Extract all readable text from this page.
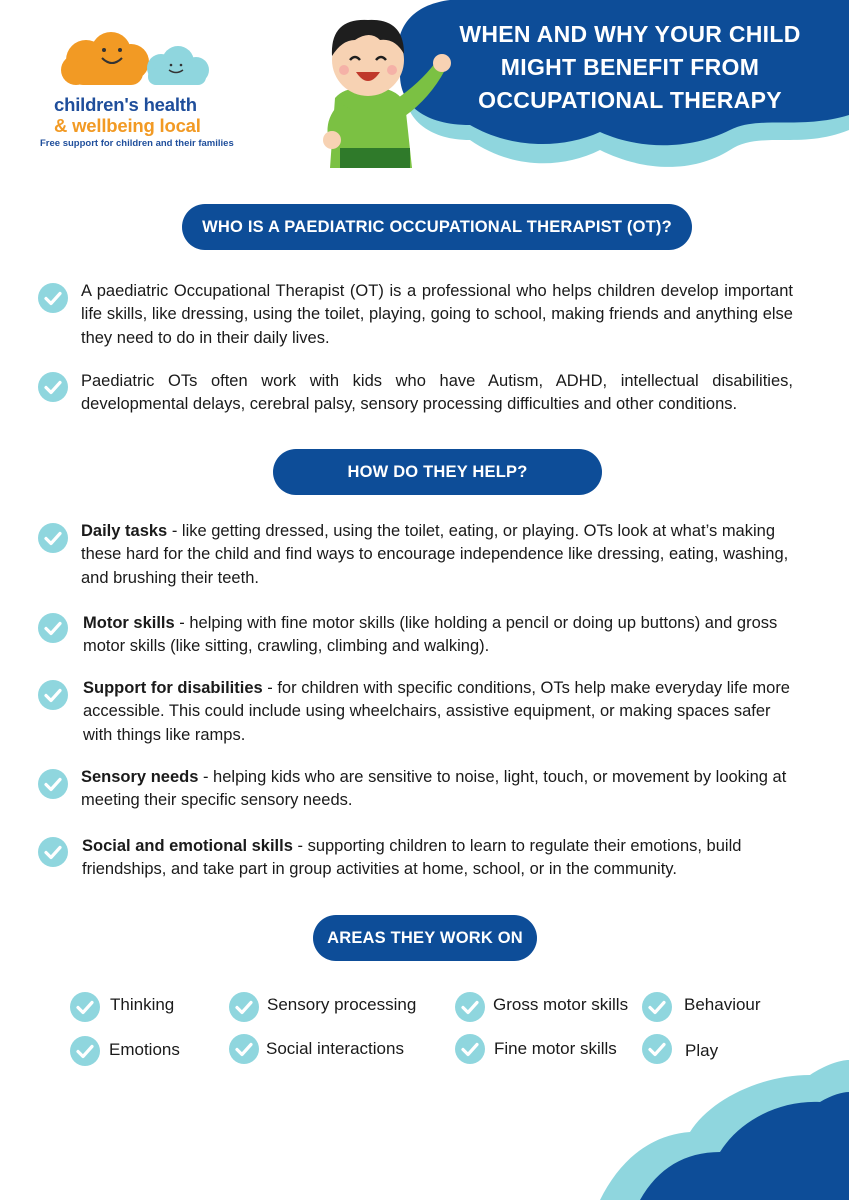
WHEN AND WHY YOUR CHILD
MIGHT BENEFIT FROM
OCCUPATIONAL THERAPY
children's health
& wellbeing local
Free support for children and their families
WHO IS A PAEDIATRIC OCCUPATIONAL THERAPIST (OT)?

A paediatric Occupational Therapist (OT) is a professional who helps children develop important life skills, like dressing, using the toilet, playing, going to school, making friends and anything else they need to do in their daily lives.

Paediatric OTs often work with kids who have Autism, ADHD, intellectual disabilities, developmental delays, cerebral palsy, sensory processing difficulties and other conditions.

HOW DO THEY HELP?

Daily tasks - like getting dressed, using the toilet, eating, or playing. OTs look at what’s making these hard for the child and find ways to encourage independence like dressing, eating, washing, and brushing their teeth.

Motor skills - helping with fine motor skills (like holding a pencil or doing up buttons) and gross motor skills (like sitting, crawling, climbing and walking).

Support for disabilities - for children with specific conditions, OTs help make everyday life more accessible. This could include using wheelchairs, assistive equipment, or making spaces safer with things like ramps.

Sensory needs - helping kids who are sensitive to noise, light, touch, or movement by looking at meeting their specific sensory needs.

Social and emotional skills - supporting children to learn to regulate their emotions, build friendships, and take part in group activities at home, school, or in the community.

AREAS THEY WORK ON
Thinking
Emotions
Sensory processing
Social interactions
Gross motor skills
Fine motor skills
Behaviour
Play
